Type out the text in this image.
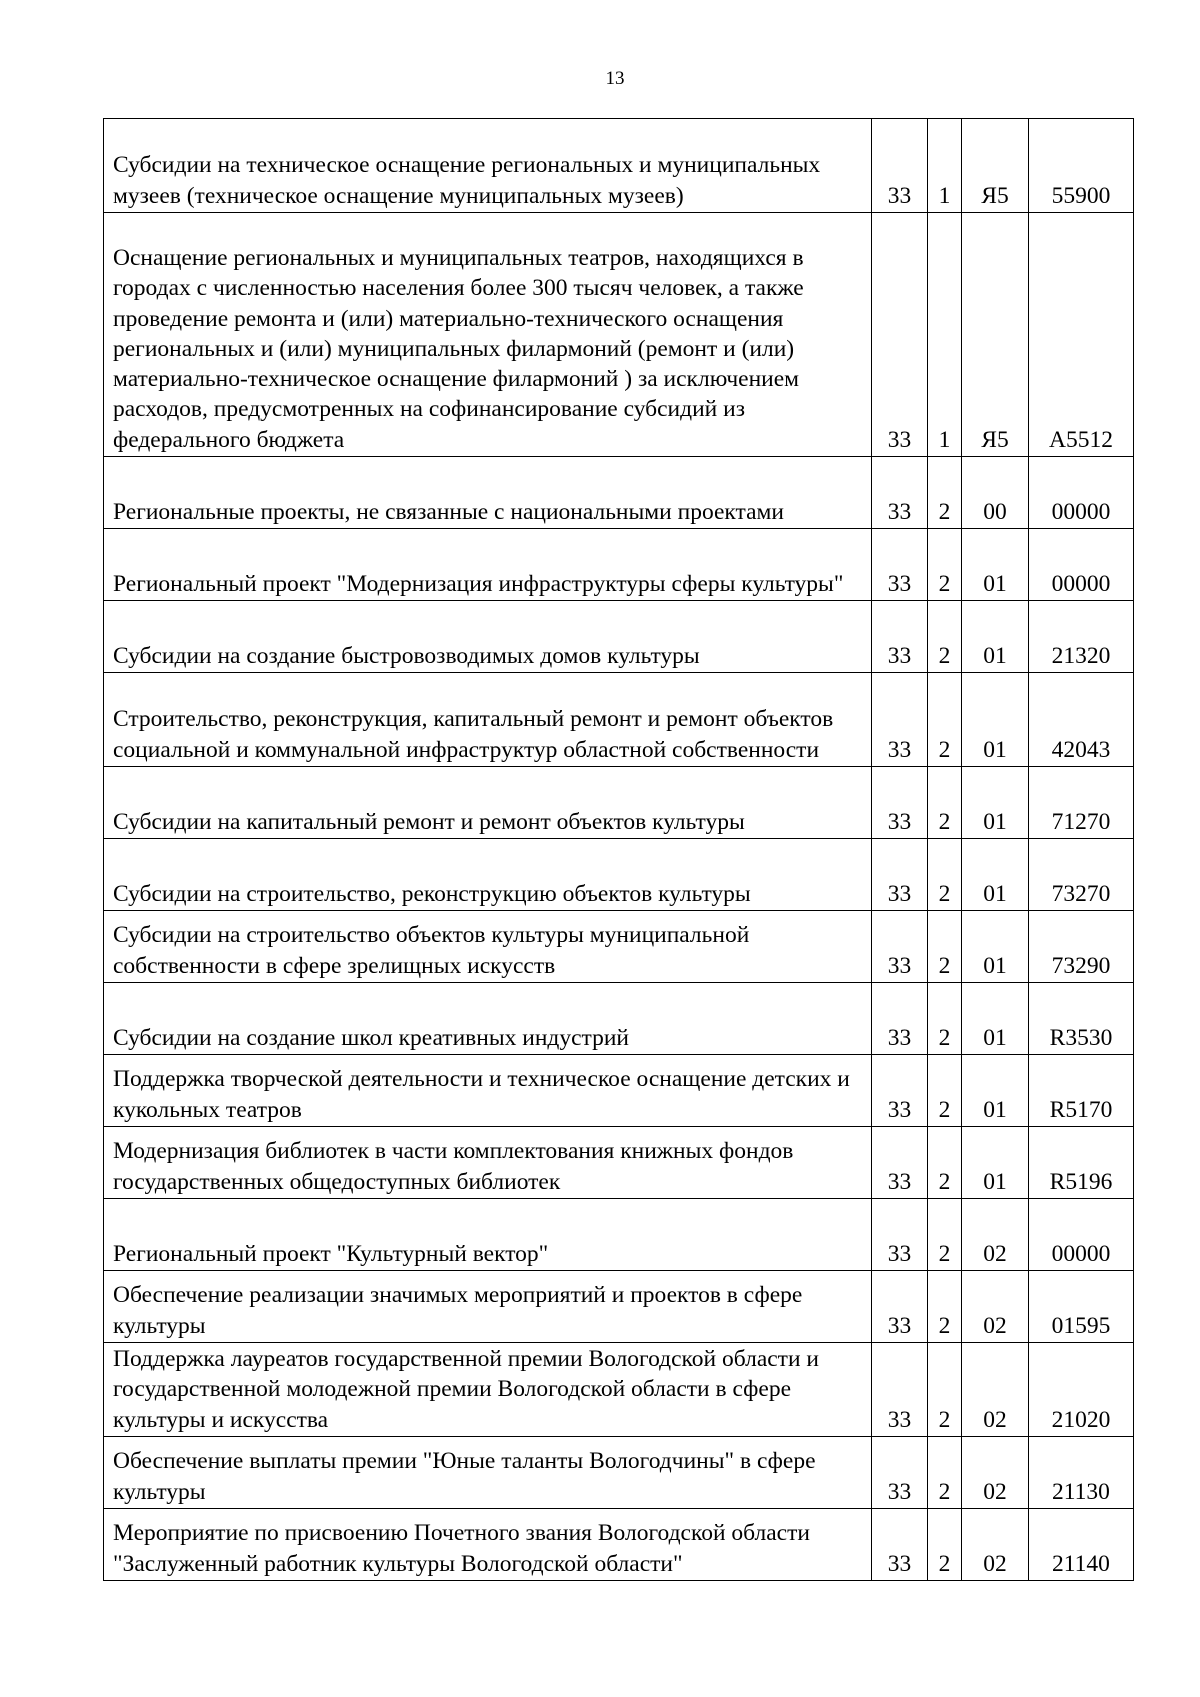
13
Субсидии на техническое оснащение региональных и муниципальных музеев (техническое оснащение муниципальных музеев)	33	1	Я5	55900
Оснащение региональных и муниципальных театров, находящихся в городах с численностью населения более 300 тысяч человек, а также проведение ремонта и (или) материально-технического оснащения региональных и (или) муниципальных филармоний (ремонт и (или) материально-техническое оснащение филармоний ) за исключением расходов, предусмотренных на софинансирование субсидий из федерального бюджета	33	1	Я5	А5512
Региональные проекты, не связанные с национальными проектами	33	2	00	00000
Региональный проект "Модернизация инфраструктуры сферы культуры"	33	2	01	00000
Субсидии на создание быстровозводимых домов культуры	33	2	01	21320
Строительство, реконструкция, капитальный ремонт и ремонт объектов социальной и коммунальной инфраструктур областной собственности	33	2	01	42043
Субсидии на капитальный ремонт и ремонт объектов культуры	33	2	01	71270
Субсидии на строительство, реконструкцию объектов культуры	33	2	01	73270
Субсидии на строительство объектов культуры муниципальной собственности в сфере зрелищных искусств	33	2	01	73290
Субсидии на создание школ креативных индустрий	33	2	01	R3530
Поддержка творческой деятельности и техническое оснащение детских и кукольных театров	33	2	01	R5170
Модернизация библиотек в части комплектования книжных фондов государственных общедоступных библиотек	33	2	01	R5196
Региональный проект "Культурный вектор"	33	2	02	00000
Обеспечение реализации значимых мероприятий и проектов в сфере культуры	33	2	02	01595
Поддержка лауреатов государственной премии Вологодской области и государственной молодежной премии Вологодской области в сфере культуры и искусства	33	2	02	21020
Обеспечение выплаты премии "Юные таланты Вологодчины" в сфере культуры	33	2	02	21130
Мероприятие по присвоению Почетного звания Вологодской области "Заслуженный работник культуры Вологодской области"	33	2	02	21140
